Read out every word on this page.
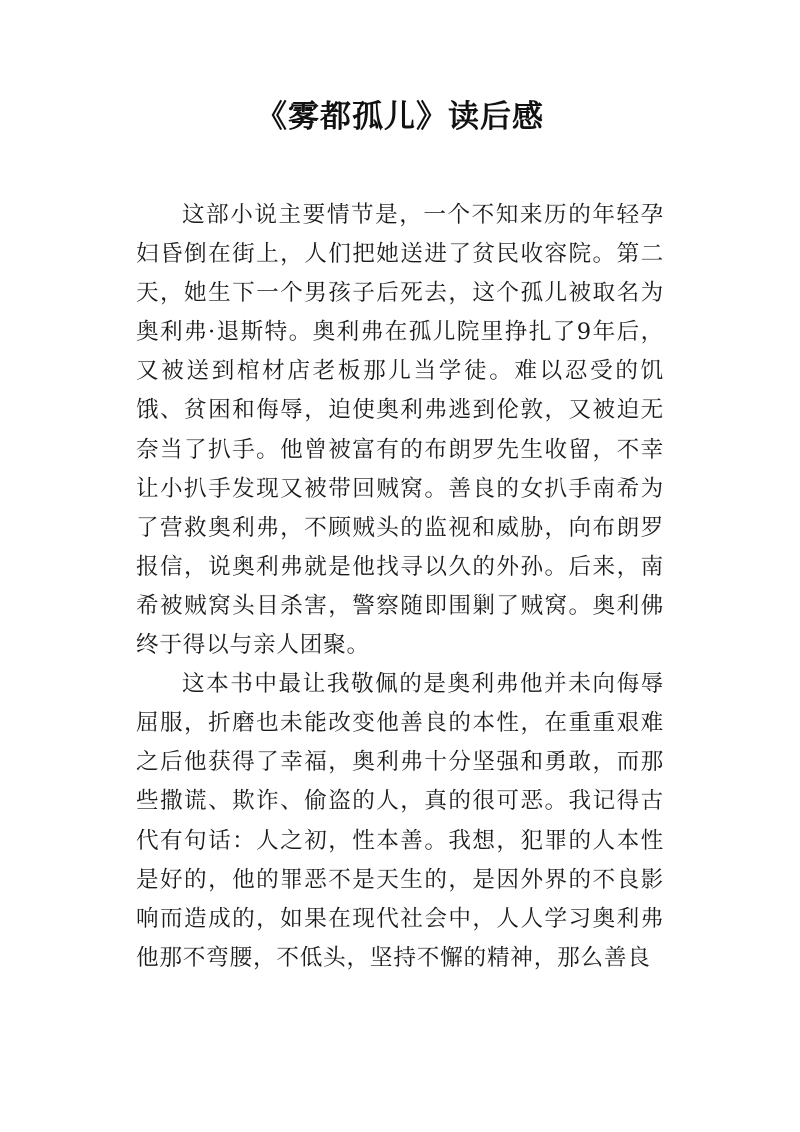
《雾都孤儿》读后感

这部小说主要情节是，一个不知来历的年轻孕妇昏倒在街上，人们把她送进了贫民收容院。第二天，她生下一个男孩子后死去，这个孤儿被取名为奥利弗·退斯特。奥利弗在孤儿院里挣扎了9年后，又被送到棺材店老板那儿当学徒。难以忍受的饥饿、贫困和侮辱，迫使奥利弗逃到伦敦，又被迫无奈当了扒手。他曾被富有的布朗罗先生收留，不幸让小扒手发现又被带回贼窝。善良的女扒手南希为了营救奥利弗，不顾贼头的监视和威胁，向布朗罗报信，说奥利弗就是他找寻以久的外孙。后来，南希被贼窝头目杀害，警察随即围剿了贼窝。奥利佛终于得以与亲人团聚。

这本书中最让我敬佩的是奥利弗他并未向侮辱屈服，折磨也未能改变他善良的本性，在重重艰难之后他获得了幸福，奥利弗十分坚强和勇敢，而那些撒谎、欺诈、偷盗的人，真的很可恶。我记得古代有句话：人之初，性本善。我想，犯罪的人本性是好的，他的罪恶不是天生的，是因外界的不良影响而造成的，如果在现代社会中，人人学习奥利弗他那不弯腰，不低头，坚持不懈的精神，那么善良
